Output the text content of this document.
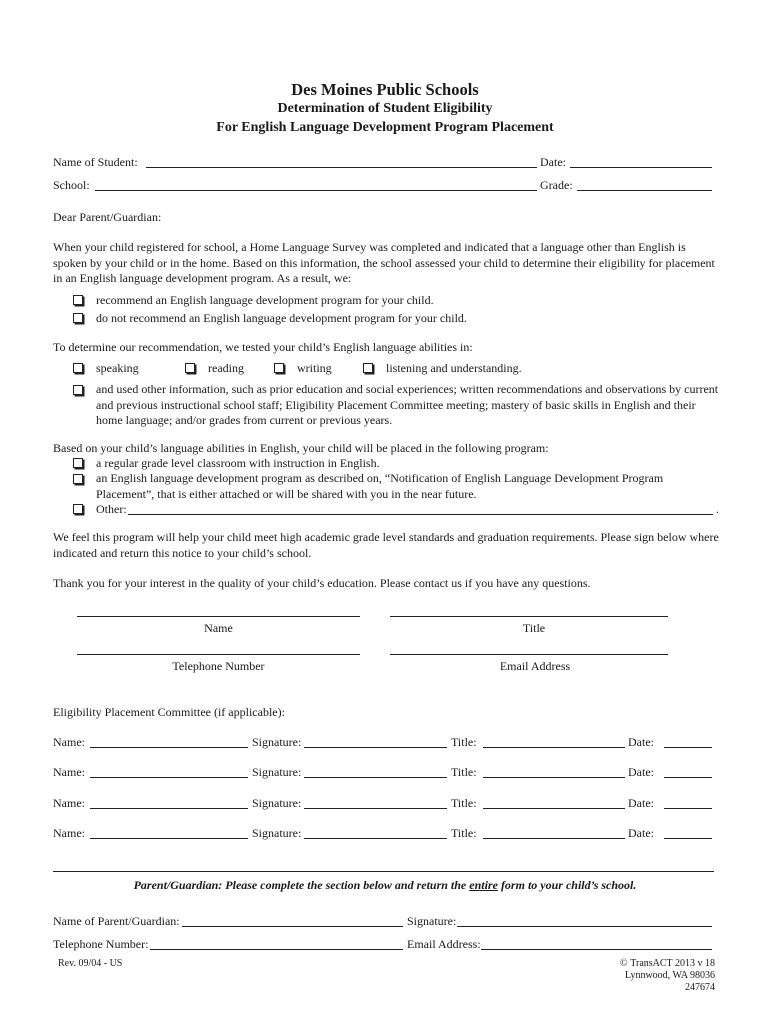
Des Moines Public Schools
Determination of Student Eligibility
For English Language Development Program Placement
Name of Student:	Date:
School:	Grade:
Dear Parent/Guardian:
When your child registered for school, a Home Language Survey was completed and indicated that a language other than English is spoken by your child or in the home. Based on this information, the school assessed your child to determine their eligibility for placement in an English language development program. As a result, we:
recommend an English language development program for your child.
do not recommend an English language development program for your child.
To determine our recommendation, we tested your child’s English language abilities in:
speaking	reading	writing	listening and understanding.
and used other information, such as prior education and social experiences; written recommendations and observations by current and previous instructional school staff; Eligibility Placement Committee meeting; mastery of basic skills in English and their home language; and/or grades from current or previous years.
Based on your child’s language abilities in English, your child will be placed in the following program:
a regular grade level classroom with instruction in English.
an English language development program as described on, “Notification of English Language Development Program Placement”, that is either attached or will be shared with you in the near future.
Other:	.
We feel this program will help your child meet high academic grade level standards and graduation requirements. Please sign below where indicated and return this notice to your child’s school.
Thank you for your interest in the quality of your child’s education. Please contact us if you have any questions.
Name	Title
Telephone Number	Email Address
Eligibility Placement Committee (if applicable):
Name:	Signature:	Title:	Date:
Name:	Signature:	Title:	Date:
Name:	Signature:	Title:	Date:
Name:	Signature:	Title:	Date:
Parent/Guardian: Please complete the section below and return the entire form to your child’s school.
Name of Parent/Guardian:	Signature:
Telephone Number:	Email Address:
Rev. 09/04 - US	© TransACT 2013 v 18
Lynnwood, WA 98036
247674
